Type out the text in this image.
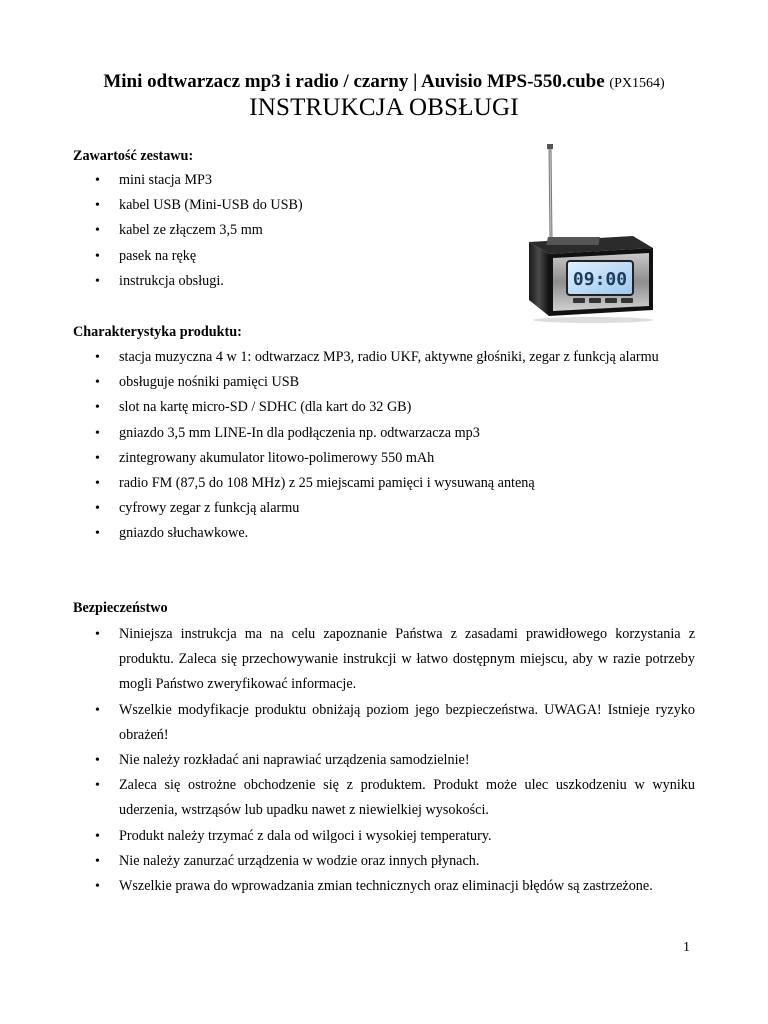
Mini odtwarzacz mp3 i radio / czarny | Auvisio MPS-550.cube (PX1564)
INSTRUKCJA OBSŁUGI
Zawartość zestawu:
• mini stacja MP3
• kabel USB (Mini-USB do USB)
• kabel ze złączem 3,5 mm
• pasek na rękę
• instrukcja obsługi.	09:00
Charakterystyka produktu:
• stacja muzyczna 4 w 1: odtwarzacz MP3, radio UKF, aktywne głośniki, zegar z funkcją alarmu
• obsługuje nośniki pamięci USB
• slot na kartę micro-SD / SDHC (dla kart do 32 GB)
• gniazdo 3,5 mm LINE-In dla podłączenia np. odtwarzacza mp3
• zintegrowany akumulator litowo-polimerowy 550 mAh
• radio FM (87,5 do 108 MHz) z 25 miejscami pamięci i wysuwaną anteną
• cyfrowy zegar z funkcją alarmu
• gniazdo słuchawkowe.
Bezpieczeństwo
• Niniejsza instrukcja ma na celu zapoznanie Państwa z zasadami prawidłowego korzystania z produktu. Zaleca się przechowywanie instrukcji w łatwo dostępnym miejscu, aby w razie potrzeby mogli Państwo zweryfikować informacje.
• Wszelkie modyfikacje produktu obniżają poziom jego bezpieczeństwa. UWAGA! Istnieje ryzyko obrażeń!
• Nie należy rozkładać ani naprawiać urządzenia samodzielnie!
• Zaleca się ostrożne obchodzenie się z produktem. Produkt może ulec uszkodzeniu w wyniku uderzenia, wstrząsów lub upadku nawet z niewielkiej wysokości.
• Produkt należy trzymać z dala od wilgoci i wysokiej temperatury.
• Nie należy zanurzać urządzenia w wodzie oraz innych płynach.
• Wszelkie prawa do wprowadzania zmian technicznych oraz eliminacji błędów są zastrzeżone.
1
